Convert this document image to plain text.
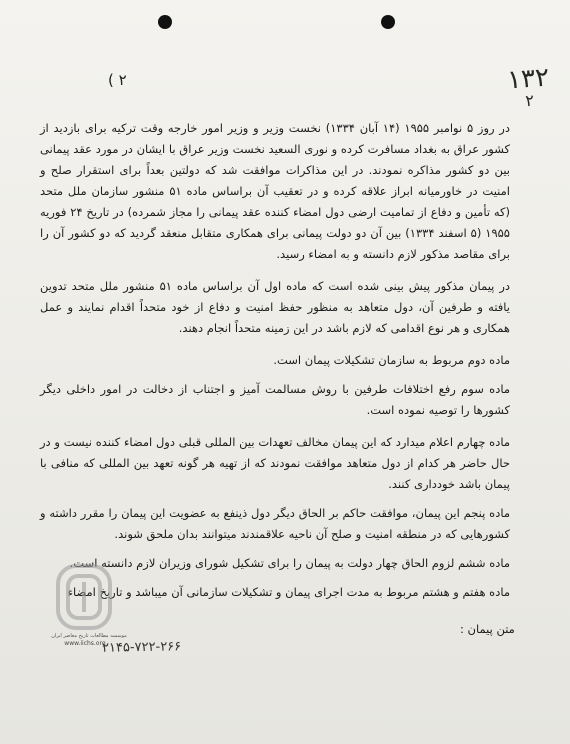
( ۲	۱۳۲
۲

در روز ۵ نوامبر ۱۹۵۵ (۱۴ آبان ۱۳۳۴) نخست وزیر و وزیر امور خارجه وقت ترکیه برای بازدید از کشور عراق به بغداد مسافرت کرده و نوری السعید نخست وزیر عراق با ایشان در مورد عقد پیمانی بین دو کشور مذاکره نمودند. در این مذاکرات موافقت شد که دولتین بعداً برای استقرار صلح و امنیت در خاورمیانه ابراز علاقه کرده و در تعقیب آن براساس ماده ۵۱ منشور سازمان ملل متحد (که تأمین و دفاع از تمامیت ارضی دول امضاء کننده عقد پیمانی را مجاز شمرده) در تاریخ ۲۴ فوریه ۱۹۵۵ (۵ اسفند ۱۳۳۴) بین آن دو دولت پیمانی برای همکاری متقابل منعقد گردید که دو کشور آن را برای مقاصد مذکور لازم دانسته و به امضاء رسید.

در پیمان مذکور پیش بینی شده است که ماده اول آن براساس ماده ۵۱ منشور ملل متحد تدوین یافته و طرفین آن، دول متعاهد به منظور حفظ امنیت و دفاع از خود متحداً اقدام نمایند و عمل همکاری و هر نوع اقدامی که لازم باشد در این زمینه متحداً انجام دهند.

ماده دوم مربوط به سازمان تشکیلات پیمان است.

ماده سوم رفع اختلافات طرفین با روش مسالمت آمیز و اجتناب از دخالت در امور داخلی دیگر کشورها را توصیه نموده است.

ماده چهارم اعلام میدارد که این پیمان مخالف تعهدات بین المللی قبلی دول امضاء کننده نیست و در حال حاضر هر کدام از دول متعاهد موافقت نمودند که از تهیه هر گونه تعهد بین المللی که منافی با پیمان باشد خودداری کنند.

ماده پنجم این پیمان، موافقت حاکم بر الحاق دیگر دول ذینفع به عضویت این پیمان را مقرر داشته و کشورهایی که در منطقه امنیت و صلح آن ناحیه علاقمندند میتوانند بدان ملحق شوند.

ماده ششم لزوم الحاق چهار دولت به پیمان را برای تشکیل شورای وزیران لازم دانسته است.

ماده هفتم و هشتم مربوط به مدت اجرای پیمان و تشکیلات سازمانی آن میباشد و تاریخ امضاء

متن پیمان :
موسسه مطالعات تاریخ معاصر ایران
www.iichs.org
۲۱۴۵-۷۲۲-۲۶۶
